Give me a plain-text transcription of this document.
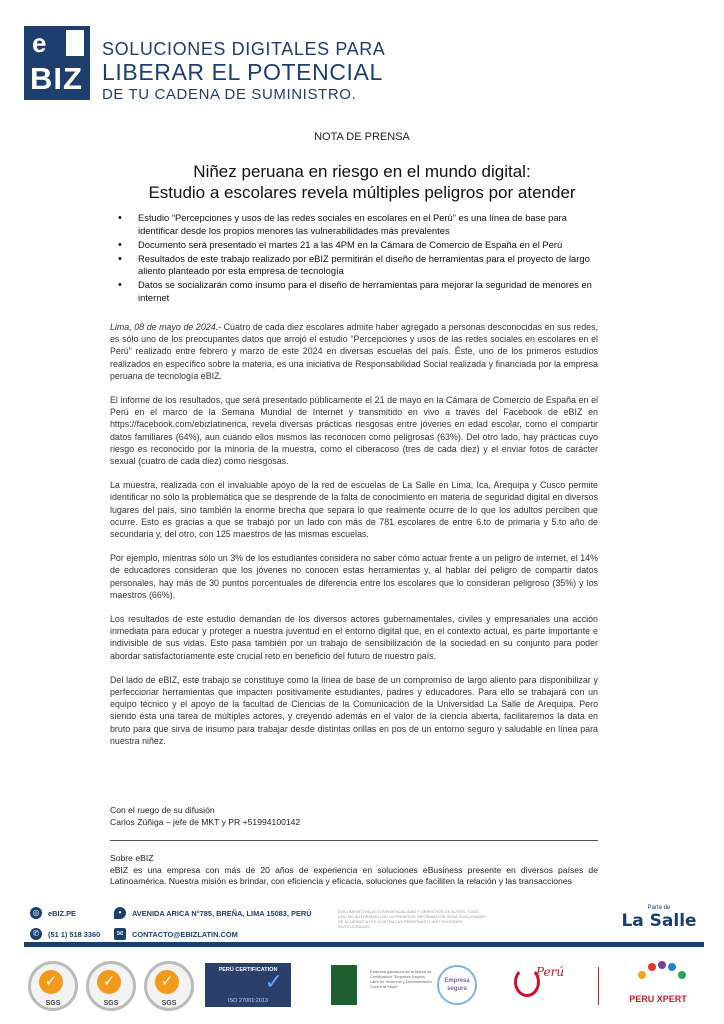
e
BIZ
SOLUCIONES DIGITALES PARA
LIBERAR EL POTENCIAL
DE TU CADENA DE SUMINISTRO.
NOTA DE PRENSA
Niñez peruana en riesgo en el mundo digital:
Estudio a escolares revela múltiples peligros por atender
• Estudio “Percepciones y usos de las redes sociales en escolares en el Perú” es una línea de base para identificar desde los propios menores las vulnerabilidades más prevalentes
• Documento será presentado el martes 21 a las 4PM en la Cámara de Comercio de España en el Perú
• Resultados de este trabajo realizado por eBIZ permitirán el diseño de herramientas para el proyecto de largo aliento planteado por esta empresa de tecnología
• Datos se socializarán como insumo para el diseño de herramientas para mejorar la seguridad de menores en internet

Lima, 08 de mayo de 2024.- Cuatro de cada diez escolares admite haber agregado a personas desconocidas en sus redes, es sólo uno de los preocupantes datos que arrojó el estudio “Percepciones y usos de las redes sociales en escolares en el Perú” realizado entre febrero y marzo de este 2024 en diversas escuelas del país. Éste, uno de los primeros estudios realizados en específico sobre la materia, es una iniciativa de Responsabilidad Social realizada y financiada por la empresa peruana de tecnología eBIZ.

El informe de los resultados, que será presentado públicamente el 21 de mayo en la Cámara de Comercio de España en el Perú en el marco de la Semana Mundial de Internet y transmitido en vivo a través del Facebook de eBIZ en https://facebook.com/ebizlatinerica, revela diversas prácticas riesgosas entre jóvenes en edad escolar, como el compartir datos familiares (64%), aun cuando ellos mismos las reconocen como peligrosas (63%). Del otro lado, hay prácticas cuyo riesgo es reconocido por la minoría de la muestra, como el ciberacoso (tres de cada diez) y el enviar fotos de carácter sexual (cuatro de cada diez) como riesgosas.

La muestra, realizada con el invaluable apoyo de la red de escuelas de La Salle en Lima, Ica, Arequipa y Cusco permite identificar no sólo la problemática que se desprende de la falta de conocimiento en materia de seguridad digital en diversos lugares del país, sino también la enorme brecha que separa lo que realmente ocurre de lo que los adultos perciben que ocurre. Esto es gracias a que se trabajó por un lado con más de 781 escolares de entre 6.to de primaria y 5.to año de secundaria y, del otro, con 125 maestros de las mismas escuelas.

Por ejemplo, mientras sólo un 3% de los estudiantes considera no saber cómo actuar frente a un peligro de internet, el 14% de educadores consideran que los jóvenes no conocen estas herramientas y, al hablar del peligro de compartir datos personales, hay más de 30 puntos porcentuales de diferencia entre los escolares que lo consideran peligroso (35%) y los maestros (66%).

Los resultados de este estudio demandan de los diversos actores gubernamentales, civiles y empresariales una acción inmediata para educar y proteger a nuestra juventud en el entorno digital que, en el contexto actual, es parte importante e indivisible de sus vidas. Esto pasa también por un trabajo de sensibilización de la sociedad en su conjunto para poder abordar satisfactoriamente este crucial reto en beneficio del futuro de nuestro país.

Del lado de eBIZ, este trabajo se constituye como la línea de base de un compromiso de largo aliento para disponibilizar y perfeccionar herramientas que impacten positivamente estudiantes, padres y educadores. Para ello se trabajará con un equipo técnico y el apoyo de la facultad de Ciencias de la Comunicación de la Universidad La Salle de Arequipa. Pero siendo ésta una tarea de múltiples actores, y creyendo además en el valor de la ciencia abierta, facilitaremos la data en bruto para que sirva de insumo para trabajar desde distintas orillas en pos de un entorno seguro y saludable en línea para nuestra niñez.

Con el ruego de su difusión
Carlos Zúñiga – jefe de MKT y PR +51994100142
Sobre eBIZ
eBIZ es una empresa con más de 20 años de experiencia en soluciones eBusiness presente en diversos países de Latinoamérica. Nuestra misión es brindar, con eficiencia y eficacia, soluciones que faciliten la relación y las transacciones
◎	eBIZ.PE	•	AVENIDA ARICA N°785, BREÑA, LIMA 15083, PERÚ
✆	(51 1) 518 3360	✉	CONTACTO@EBIZLATIN.COM
DOCUMENTO BAJO CONFIDENCIALIDAD Y DERECHOS DE AUTOR. TODO USO NO AUTORIZADO DE LA PRESENTE INFORMACIÓN SERÁ SANCIONADO DE ACUERDO A LEY CONTRA LAS PERSONAS O INSTITUCIONES INVOLUCRADAS.
Parte de
La Salle
✓
SGS
✓
SGS
✓
SGS
PERÚ CERTIFICATION
✓
ISO 27001:2013
Empresa ganadora de la Marca de Certificación "Empresa Segura, Libre de Violencia y Discriminación Contra la Mujer"
Empresa segura
Perú
PERU XPERT
